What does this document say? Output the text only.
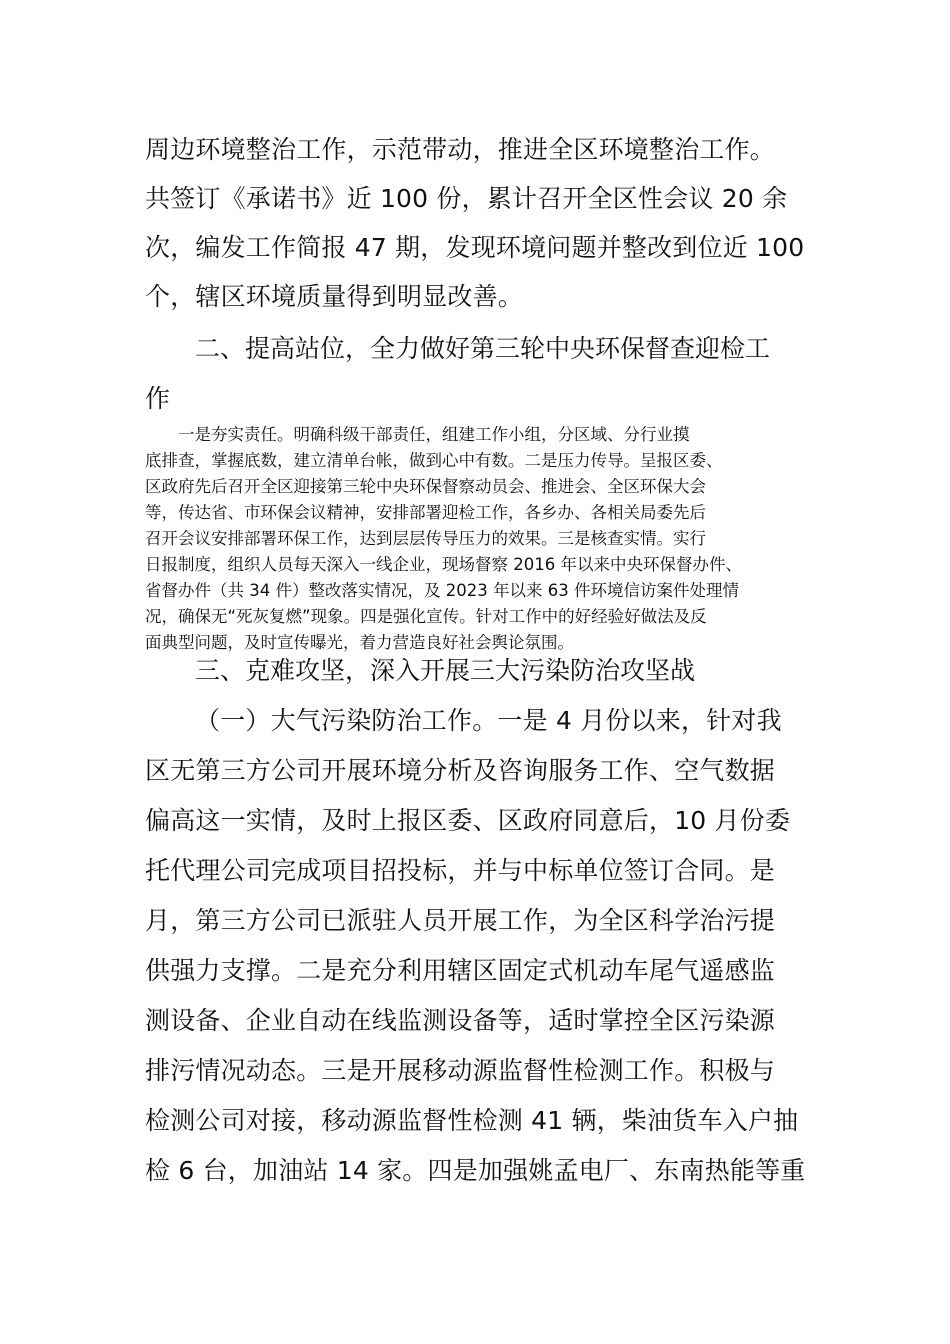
周边环境整治工作，示范带动，推进全区环境整治工作。
共签订《承诺书》近 100 份，累计召开全区性会议 20 余
次，编发工作简报 47 期，发现环境问题并整改到位近 100
个，辖区环境质量得到明显改善。
二、提高站位，全力做好第三轮中央环保督查迎检工
作
一是夯实责任。明确科级干部责任，组建工作小组，分区域、分行业摸
底排查，掌握底数，建立清单台帐，做到心中有数。二是压力传导。呈报区委、
区政府先后召开全区迎接第三轮中央环保督察动员会、推进会、全区环保大会
等，传达省、市环保会议精神，安排部署迎检工作，各乡办、各相关局委先后
召开会议安排部署环保工作，达到层层传导压力的效果。三是核查实情。实行
日报制度，组织人员每天深入一线企业，现场督察 2016 年以来中央环保督办件、
省督办件（共 34 件）整改落实情况，及 2023 年以来 63 件环境信访案件处理情
况，确保无“死灰复燃”现象。四是强化宣传。针对工作中的好经验好做法及反
面典型问题，及时宣传曝光，着力营造良好社会舆论氛围。
三、克难攻坚，深入开展三大污染防治攻坚战
（一）大气污染防治工作。一是 4 月份以来，针对我
区无第三方公司开展环境分析及咨询服务工作、空气数据
偏高这一实情，及时上报区委、区政府同意后，10 月份委
托代理公司完成项目招投标，并与中标单位签订合同。是
月，第三方公司已派驻人员开展工作，为全区科学治污提
供强力支撑。二是充分利用辖区固定式机动车尾气遥感监
测设备、企业自动在线监测设备等，适时掌控全区污染源
排污情况动态。三是开展移动源监督性检测工作。积极与
检测公司对接，移动源监督性检测 41 辆，柴油货车入户抽
检 6 台，加油站 14 家。四是加强姚孟电厂、东南热能等重
